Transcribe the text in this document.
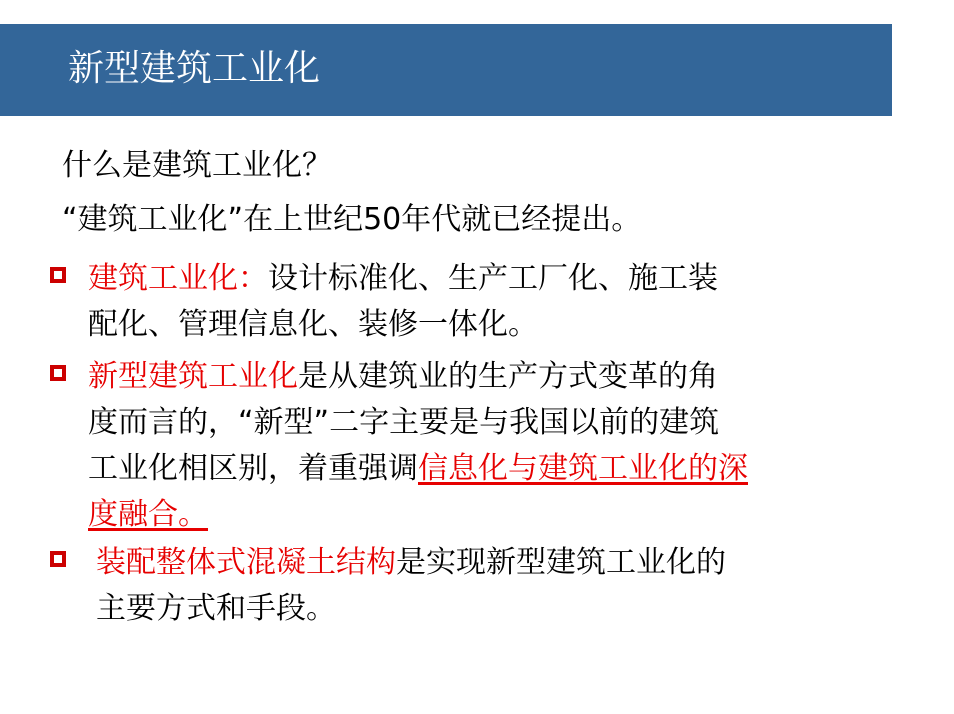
新型建筑工业化
什么是建筑工业化？
“建筑工业化”在上世纪50年代就已经提出。
建筑工业化：设计标准化、生产工厂化、施工装
配化、管理信息化、装修一体化。
新型建筑工业化是从建筑业的生产方式变革的角
度而言的，“新型”二字主要是与我国以前的建筑
工业化相区别，着重强调信息化与建筑工业化的深
度融合。
装配整体式混凝土结构是实现新型建筑工业化的
主要方式和手段。
